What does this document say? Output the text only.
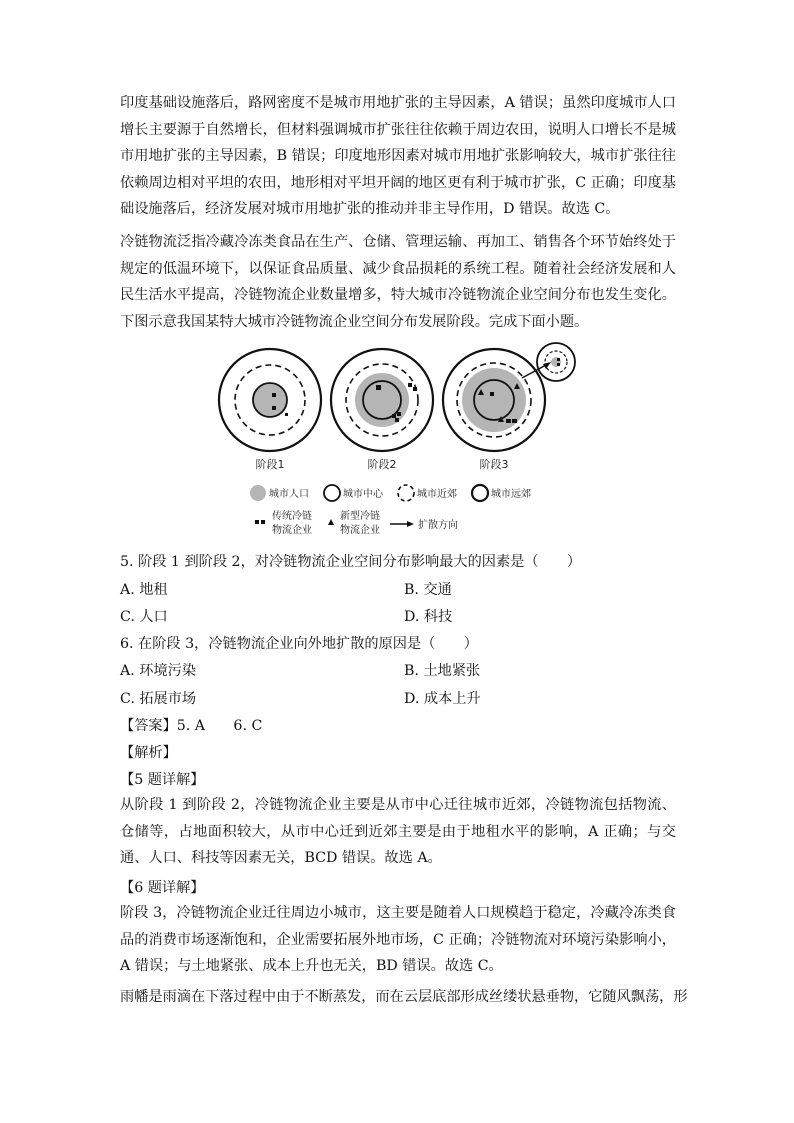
印度基础设施落后，路网密度不是城市用地扩张的主导因素，A 错误；虽然印度城市人口增长主要源于自然增长，但材料强调城市扩张往往依赖于周边农田，说明人口增长不是城市用地扩张的主导因素，B 错误；印度地形因素对城市用地扩张影响较大，城市扩张往往依赖周边相对平坦的农田，地形相对平坦开阔的地区更有利于城市扩张，C 正确；印度基础设施落后，经济发展对城市用地扩张的推动并非主导作用，D 错误。故选 C。

冷链物流泛指冷藏冷冻类食品在生产、仓储、管理运输、再加工、销售各个环节始终处于规定的低温环境下，以保证食品质量、减少食品损耗的系统工程。随着社会经济发展和人民生活水平提高，冷链物流企业数量增多，特大城市冷链物流企业空间分布也发生变化。下图示意我国某特大城市冷链物流企业空间分布发展阶段。完成下面小题。

阶段1	阶段2	阶段3
城市人口	城市中心	城市近郊	城市远郊
传统冷链
物流企业
新型冷链
物流企业	扩散方向
5. 阶段 1 到阶段 2，对冷链物流企业空间分布影响最大的因素是（　　）
A. 地租	B. 交通
C. 人口	D. 科技
6. 在阶段 3，冷链物流企业向外地扩散的原因是（　　）
A. 环境污染	B. 土地紧张
C. 拓展市场	D. 成本上升
【答案】5. A　　6. C
【解析】
【5 题详解】

从阶段 1 到阶段 2，冷链物流企业主要是从市中心迁往城市近郊，冷链物流包括物流、仓储等，占地面积较大，从市中心迁到近郊主要是由于地租水平的影响，A 正确；与交通、人口、科技等因素无关，BCD 错误。故选 A。

【6 题详解】

阶段 3，冷链物流企业迁往周边小城市，这主要是随着人口规模趋于稳定，冷藏冷冻类食品的消费市场逐渐饱和，企业需要拓展外地市场，C 正确；冷链物流对环境污染影响小，A 错误；与土地紧张、成本上升也无关，BD 错误。故选 C。

雨幡是雨滴在下落过程中由于不断蒸发，而在云层底部形成丝缕状悬垂物，它随风飘荡，形
